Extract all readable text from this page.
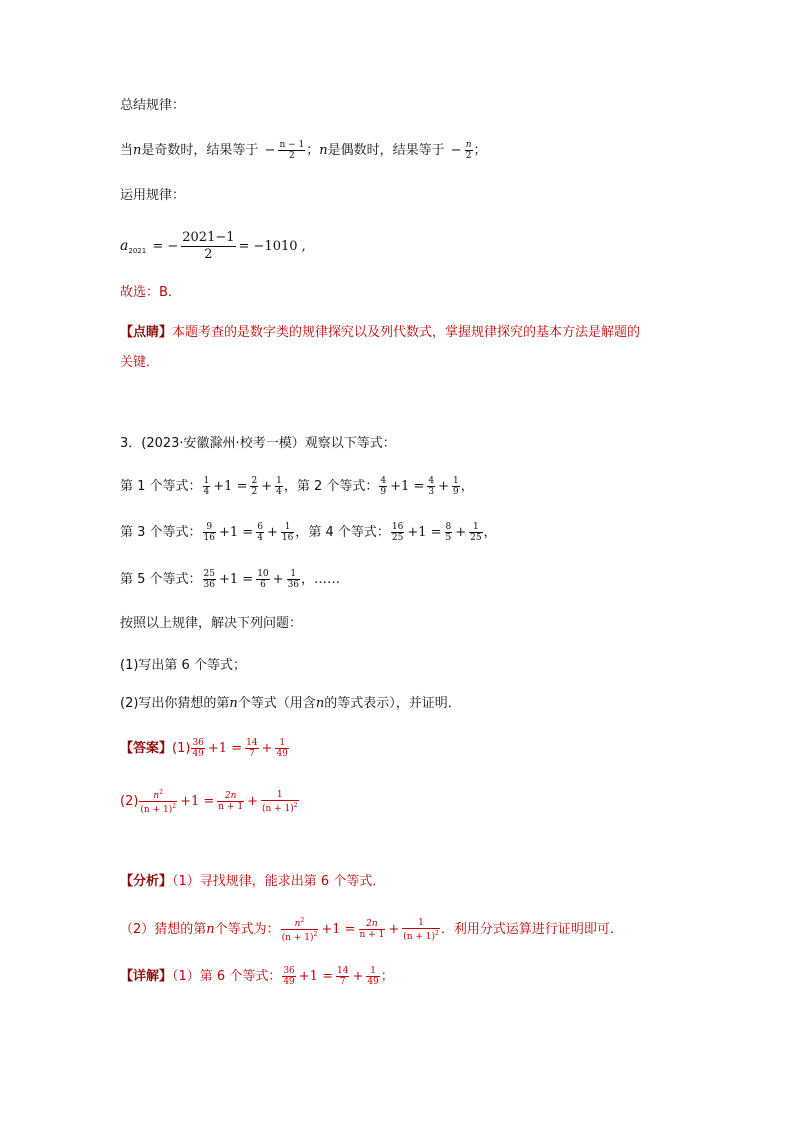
总结规律：
当n是奇数时，结果等于 − $\frac{n - 1}{2}$ ；n是偶数时，结果等于 − $\frac{n}{2}$ ；
运用规律：
$a_{2021}$ = − $\frac{2021-1}{2} = -1010$ ,
故选：B．
【点睛】本题考查的是数字类的规律探究以及列代数式，掌握规律探究的基本方法是解题的
关键．
3．(2023·安徽滁州·校考一模）观察以下等式：
第 1 个等式： $\frac{1}{4} +1 = \frac{2}{2} + \frac{1}{4}$ ，第 2 个等式： $\frac{4}{9} +1 = \frac{4}{3} + \frac{1}{9}$ ，
第 3 个等式： $\frac{9}{16} +1 = \frac{6}{4} + \frac{1}{16}$ ，第 4 个等式： $\frac{16}{25} +1 = \frac{8}{5} + \frac{1}{25}$ ，
第 5 个等式： $\frac{25}{36} +1 = \frac{10}{6} + \frac{1}{36}$ ，……
按照以上规律，解决下列问题：
(1)写出第 6 个等式；
(2)写出你猜想的第n个等式（用含n的等式表示），并证明．
【答案】$(1) \frac{36}{49} +1 = \frac{14}{7} + \frac{1}{49}$
$(2) \frac{n^2}{(n + 1)^2} +1 = \frac{2n}{n + 1} + \frac{1}{(n + 1)^2}$
【分析】（1）寻找规律，能求出第 6 个等式．
（2）猜想的第n个等式为： $\frac{n^2}{(n + 1)^2} +1 = \frac{2n}{n + 1} + \frac{1}{(n + 1)^2}$ ．利用分式运算进行证明即可．
【详解】（1）第 6 个等式： $\frac{36}{49} +1 = \frac{14}{7} + \frac{1}{49}$ ；
